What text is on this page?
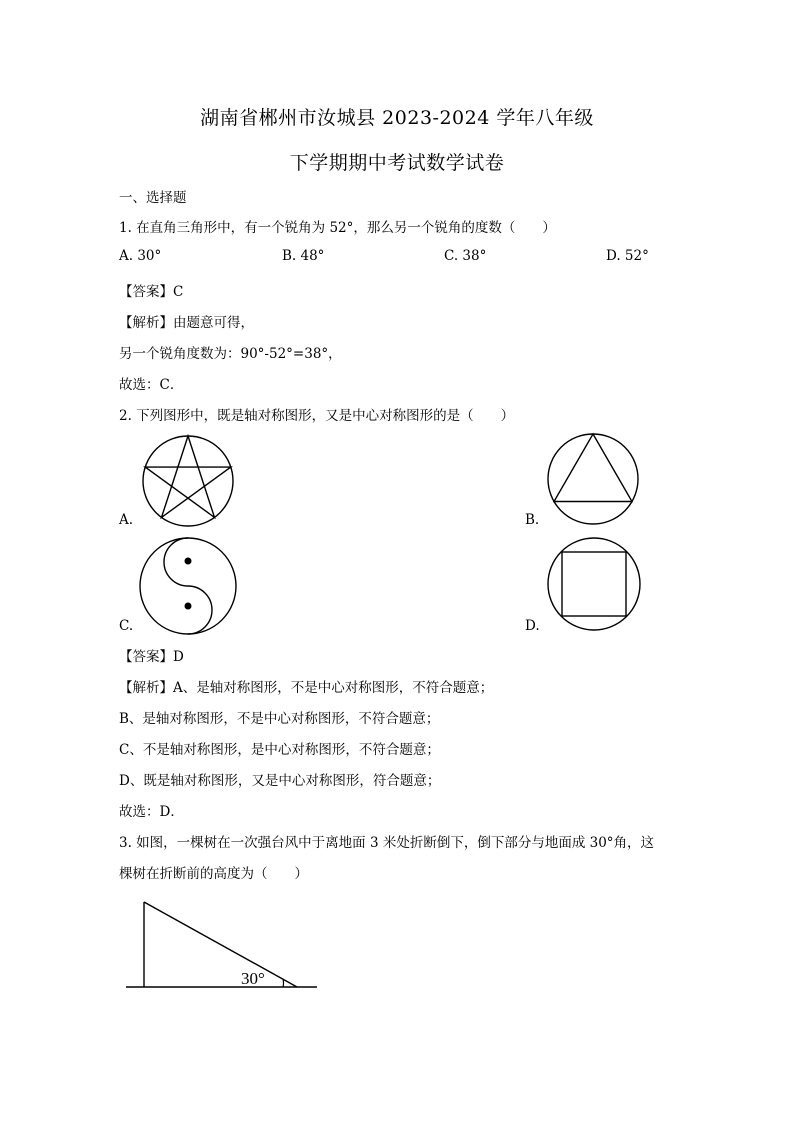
湖南省郴州市汝城县 2023-2024 学年八年级
下学期期中考试数学试卷
一、选择题
1. 在直角三角形中，有一个锐角为 52°，那么另一个锐角的度数（　　）
A. 30°	B. 48°	C. 38°	D. 52°
【答案】C
【解析】由题意可得，
另一个锐角度数为：90°-52°=38°，
故选：C．
2. 下列图形中，既是轴对称图形，又是中心对称图形的是（　　）
A.	B.
C.	D.
【答案】D
【解析】A、是轴对称图形，不是中心对称图形，不符合题意；
B、是轴对称图形，不是中心对称图形，不符合题意；
C、不是轴对称图形，是中心对称图形，不符合题意；
D、既是轴对称图形，又是中心对称图形，符合题意；
故选：D．
3. 如图，一棵树在一次强台风中于离地面 3 米处折断倒下，倒下部分与地面成 30°角，这
棵树在折断前的高度为（　　）
30°
